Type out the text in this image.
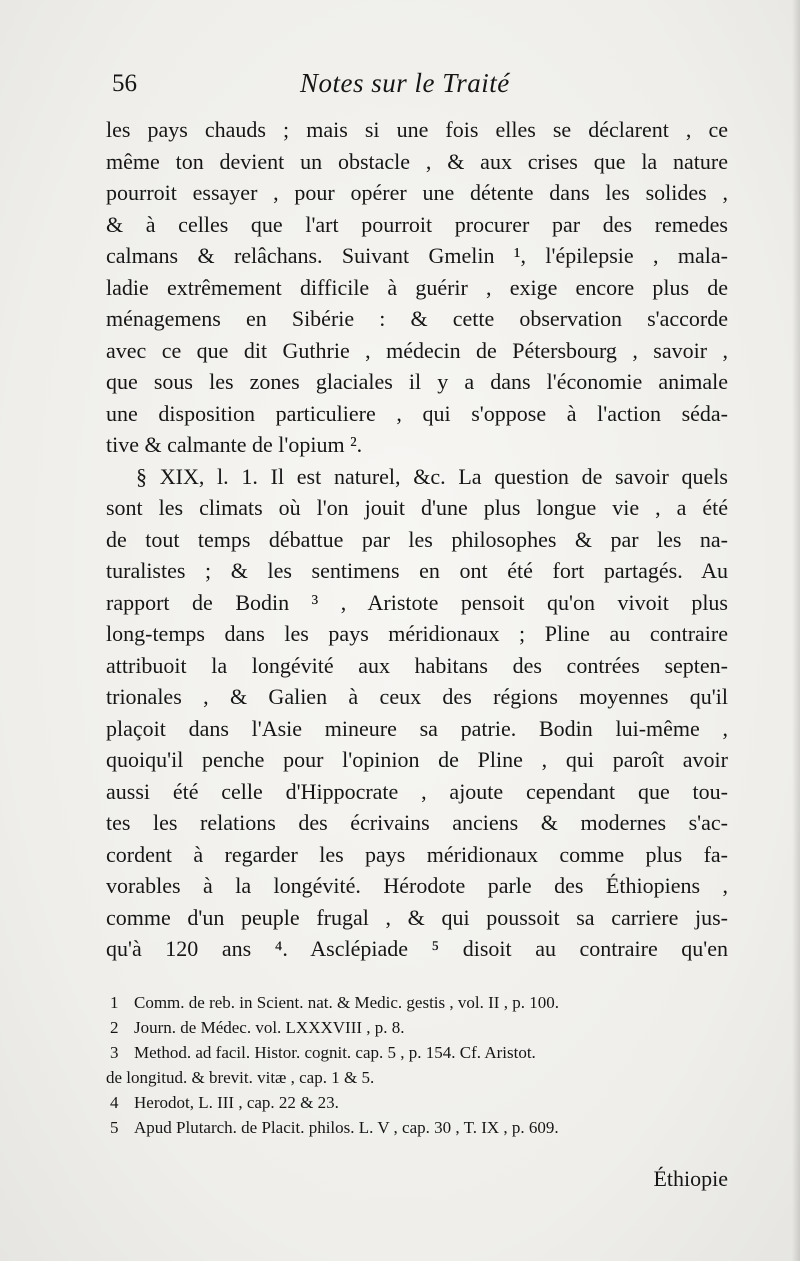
56	Notes sur le Traité
les pays chauds ; mais si une fois elles se déclarent , ce
même ton devient un obstacle , & aux crises que la nature
pourroit essayer , pour opérer une détente dans les solides ,
& à celles que l'art pourroit procurer par des remedes
calmans & relâchans. Suivant Gmelin ¹, l'épilepsie , mala-
ladie extrêmement difficile à guérir , exige encore plus de
ménagemens en Sibérie : & cette observation s'accorde
avec ce que dit Guthrie , médecin de Pétersbourg , savoir ,
que sous les zones glaciales il y a dans l'économie animale
une disposition particuliere , qui s'oppose à l'action séda-
tive & calmante de l'opium ².
§ XIX, l. 1. Il est naturel, &c. La question de savoir quels
sont les climats où l'on jouit d'une plus longue vie , a été
de tout temps débattue par les philosophes & par les na-
turalistes ; & les sentimens en ont été fort partagés. Au
rapport de Bodin ³ , Aristote pensoit qu'on vivoit plus
long-temps dans les pays méridionaux ; Pline au contraire
attribuoit la longévité aux habitans des contrées septen-
trionales , & Galien à ceux des régions moyennes qu'il
plaçoit dans l'Asie mineure sa patrie. Bodin lui-même ,
quoiqu'il penche pour l'opinion de Pline , qui paroît avoir
aussi été celle d'Hippocrate , ajoute cependant que tou-
tes les relations des écrivains anciens & modernes s'ac-
cordent à regarder les pays méridionaux comme plus fa-
vorables à la longévité. Hérodote parle des Éthiopiens ,
comme d'un peuple frugal , & qui poussoit sa carriere jus-
qu'à 120 ans ⁴. Asclépiade ⁵ disoit au contraire qu'en
1 Comm. de reb. in Scient. nat. & Medic. gestis , vol. II , p. 100.
2 Journ. de Médec. vol. LXXXVIII , p. 8.
3 Method. ad facil. Histor. cognit. cap. 5 , p. 154. Cf. Aristot.
de longitud. & brevit. vitæ , cap. 1 & 5.
4 Herodot, L. III , cap. 22 & 23.
5 Apud Plutarch. de Placit. philos. L. V , cap. 30 , T. IX , p. 609.
Éthiopie
